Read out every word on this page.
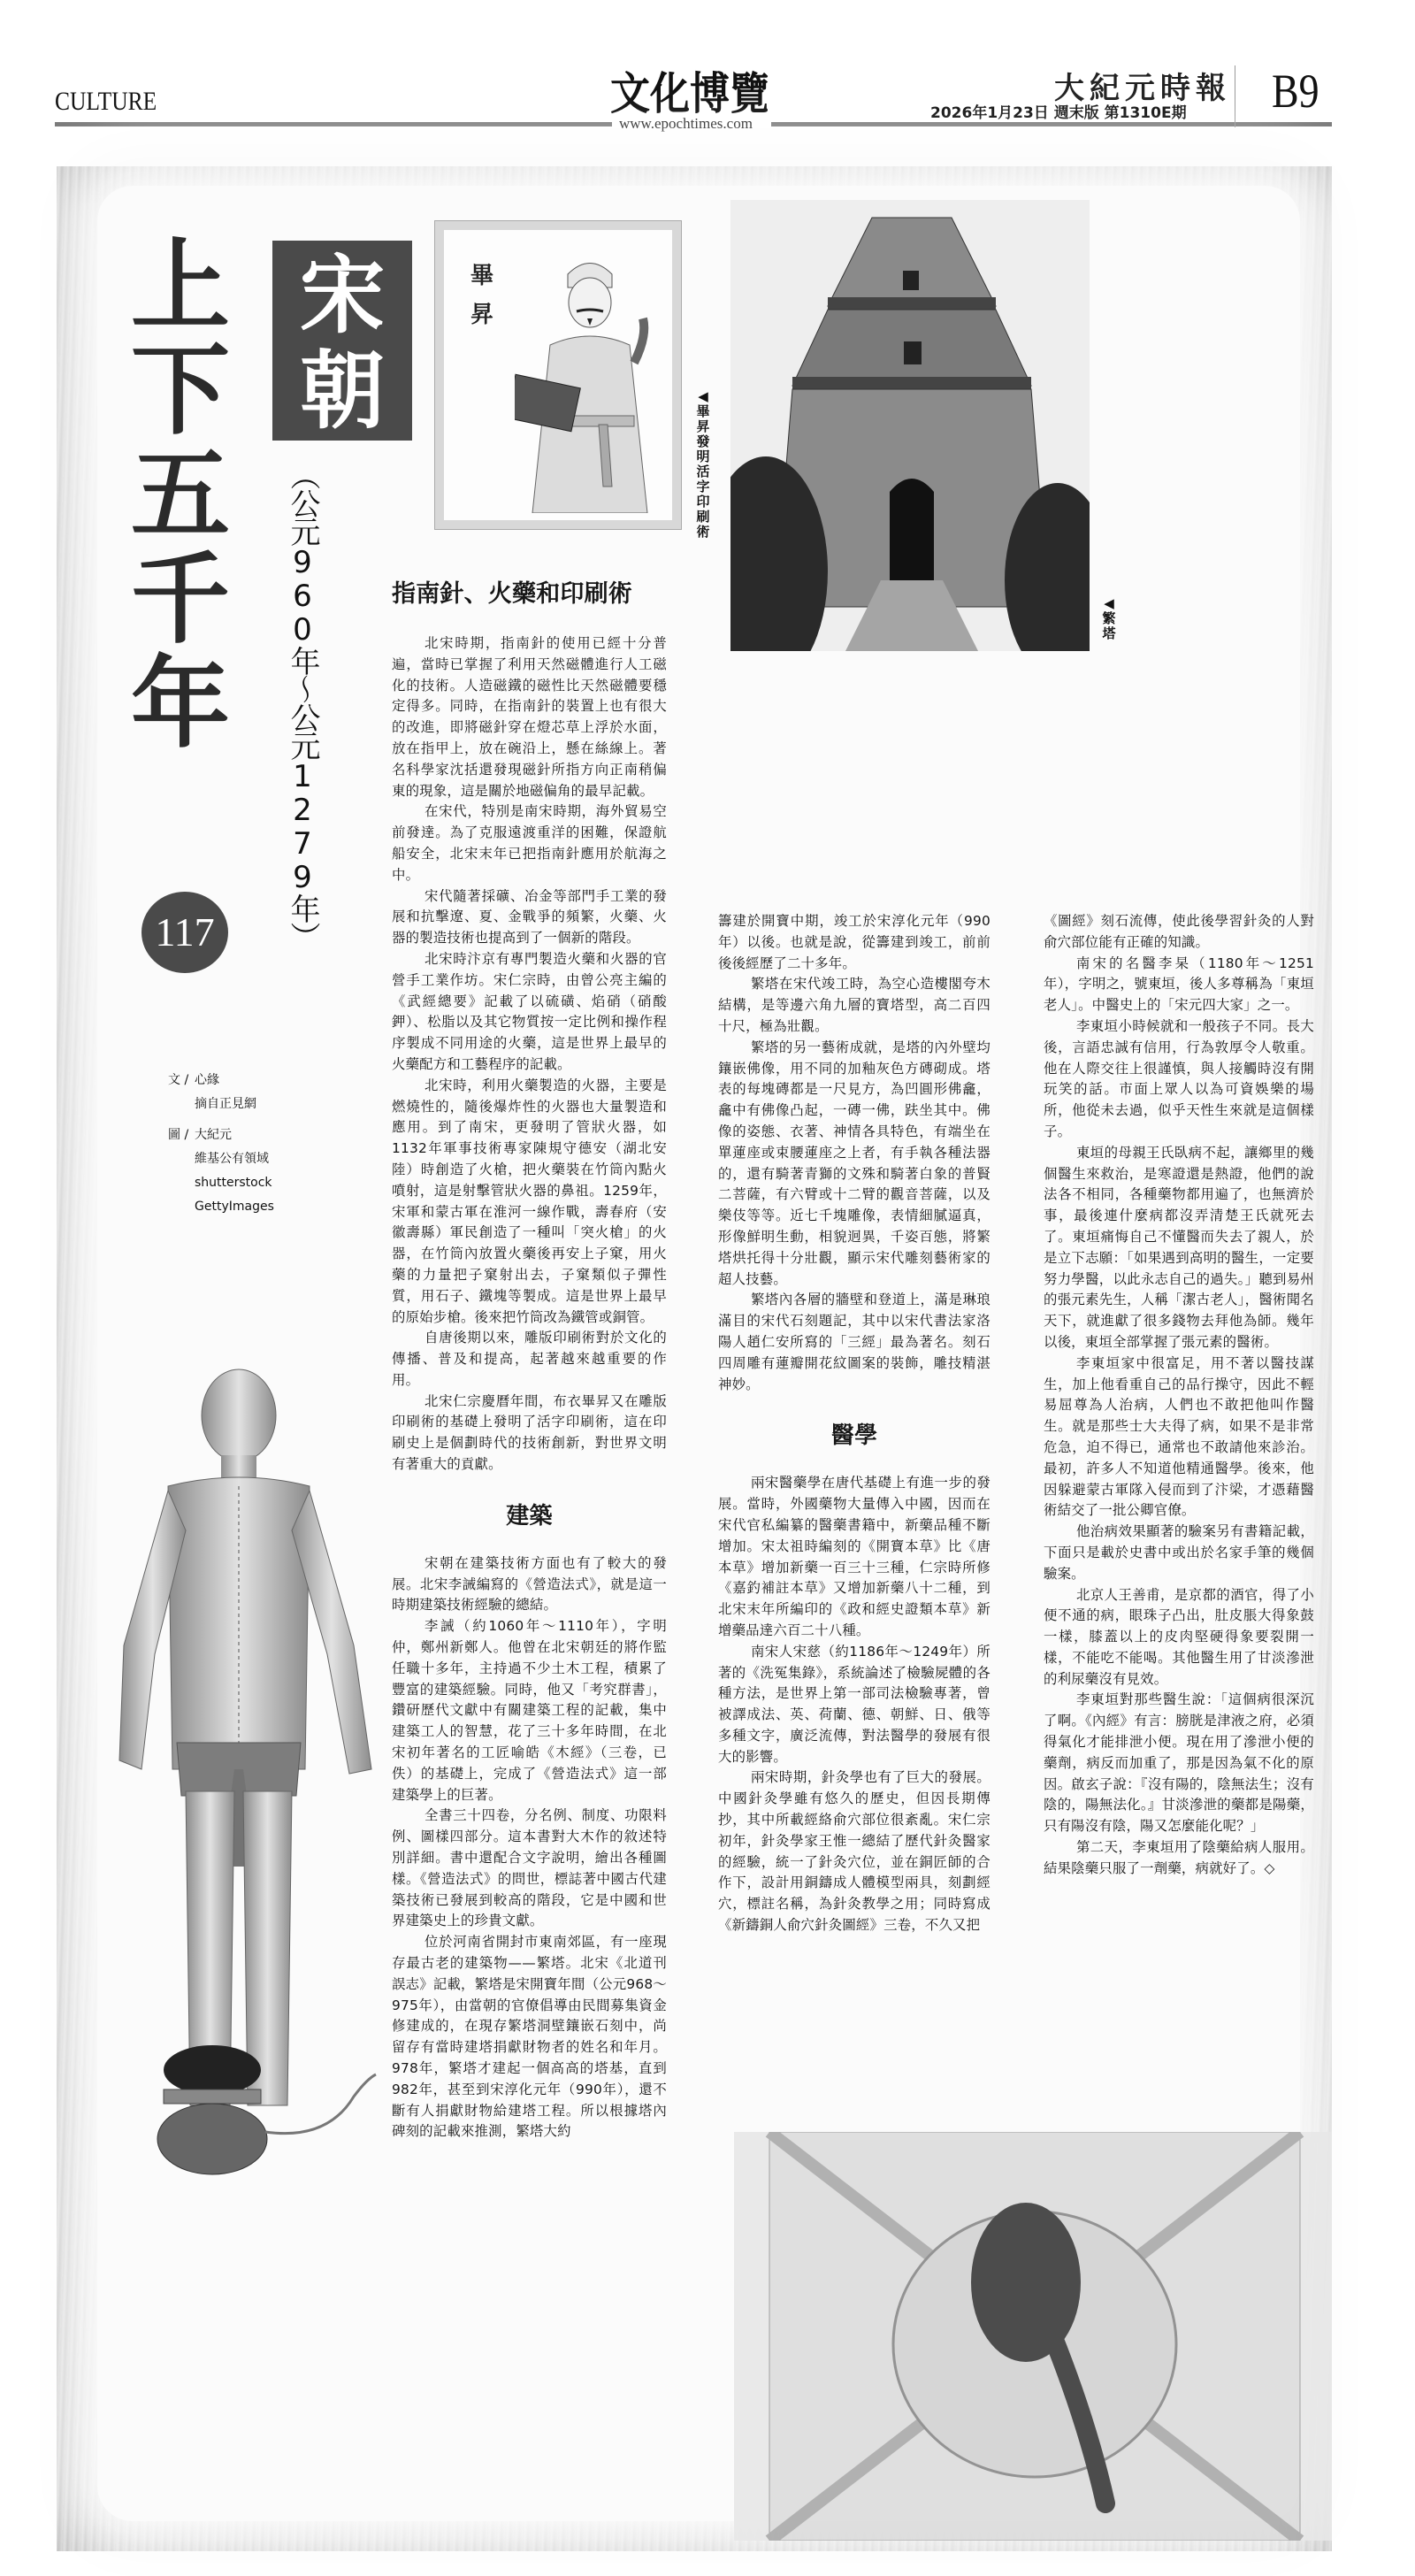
CULTURE	文化博覽
www.epochtimes.com
大紀元時報
2026年1月23日 週末版 第1310E期 B9
上下五千年
宋朝
（公元960年～公元1279年）
117
文 / 心緣
摘自正見網
圖 / 大紀元
維基公有領域
shutterstock
GettyImages
畢昇
◀
畢昇發明活字印刷術
◀
繁塔
指南針、火藥和印刷術

北宋時期，指南針的使用已經十分普遍，當時已掌握了利用天然磁體進行人工磁化的技術。人造磁鐵的磁性比天然磁體要穩定得多。同時，在指南針的裝置上也有很大的改進，即將磁針穿在燈芯草上浮於水面，放在指甲上，放在碗沿上，懸在絲線上。著名科學家沈括還發現磁針所指方向正南稍偏東的現象，這是關於地磁偏角的最早記載。

在宋代，特別是南宋時期，海外貿易空前發達。為了克服遠渡重洋的困難，保證航船安全，北宋末年已把指南針應用於航海之中。

宋代隨著採礦、冶金等部門手工業的發展和抗擊遼、夏、金戰爭的頻繁，火藥、火器的製造技術也提高到了一個新的階段。

北宋時汴京有專門製造火藥和火器的官營手工業作坊。宋仁宗時，由曾公亮主編的《武經總要》記載了以硫磺、焰硝（硝酸鉀）、松脂以及其它物質按一定比例和操作程序製成不同用途的火藥，這是世界上最早的火藥配方和工藝程序的記載。

北宋時，利用火藥製造的火器，主要是燃燒性的，隨後爆炸性的火器也大量製造和應用。到了南宋，更發明了管狀火器，如1132年軍事技術專家陳規守德安（湖北安陸）時創造了火槍，把火藥裝在竹筒內點火噴射，這是射擊管狀火器的鼻祖。1259年，宋軍和蒙古軍在淮河一線作戰，壽春府（安徽壽縣）軍民創造了一種叫「突火槍」的火器，在竹筒內放置火藥後再安上子窠，用火藥的力量把子窠射出去，子窠類似子彈性質，用石子、鐵塊等製成。這是世界上最早的原始步槍。後來把竹筒改為鐵管或銅管。

自唐後期以來，雕版印刷術對於文化的傳播、普及和提高，起著越來越重要的作用。

北宋仁宗慶曆年間，布衣畢昇又在雕版印刷術的基礎上發明了活字印刷術，這在印刷史上是個劃時代的技術創新，對世界文明有著重大的貢獻。

建築

宋朝在建築技術方面也有了較大的發展。北宋李誡編寫的《營造法式》，就是這一時期建築技術經驗的總結。

李誡（約1060年～1110年），字明仲，鄭州新鄭人。他曾在北宋朝廷的將作監任職十多年，主持過不少土木工程，積累了豐富的建築經驗。同時，他又「考究群書」，鑽研歷代文獻中有關建築工程的記載，集中建築工人的智慧，花了三十多年時間，在北宋初年著名的工匠喻皓《木經》（三卷，已佚）的基礎上，完成了《營造法式》這一部建築學上的巨著。

全書三十四卷，分名例、制度、功限料例、圖樣四部分。這本書對大木作的敘述特別詳細。書中還配合文字說明，繪出各種圖樣。《營造法式》的問世，標誌著中國古代建築技術已發展到較高的階段，它是中國和世界建築史上的珍貴文獻。

位於河南省開封市東南郊區，有一座現存最古老的建築物——繁塔。北宋《北道刊誤志》記載，繁塔是宋開寶年間（公元968～975年），由當朝的官僚倡導由民間募集資金修建成的，在現存繁塔洞壁鑲嵌石刻中，尚留存有當時建塔捐獻財物者的姓名和年月。978年，繁塔才建起一個高高的塔基，直到982年，甚至到宋淳化元年（990年），還不斷有人捐獻財物給建塔工程。所以根據塔內碑刻的記載來推測，繁塔大約

籌建於開寶中期，竣工於宋淳化元年（990年）以後。也就是說，從籌建到竣工，前前後後經歷了二十多年。

繁塔在宋代竣工時，為空心造樓閣夸木結構，是等邊六角九層的寶塔型，高二百四十尺，極為壯觀。

繁塔的另一藝術成就，是塔的內外壁均鑲嵌佛像，用不同的加釉灰色方磚砌成。塔表的每塊磚都是一尺見方，為凹圓形佛龕，龕中有佛像凸起，一磚一佛，趺坐其中。佛像的姿態、衣著、神情各具特色，有端坐在單蓮座或束腰蓮座之上者，有手執各種法器的，還有騎著青獅的文殊和騎著白象的普賢二菩薩，有六臂或十二臂的觀音菩薩，以及樂伎等等。近七千塊雕像，表情細膩逼真，形像鮮明生動，相貌迥異，千姿百態，將繁塔烘托得十分壯觀，顯示宋代雕刻藝術家的超人技藝。

繁塔內各層的牆壁和登道上，滿是琳琅滿目的宋代石刻題記，其中以宋代書法家洛陽人趙仁安所寫的「三經」最為著名。刻石四周雕有蓮瓣開花紋圖案的裝飾，雕技精湛神妙。

醫學

兩宋醫藥學在唐代基礎上有進一步的發展。當時，外國藥物大量傳入中國，因而在宋代官私編纂的醫藥書籍中，新藥品種不斷增加。宋太祖時編刻的《開寶本草》比《唐本草》增加新藥一百三十三種，仁宗時所修《嘉釣補註本草》又增加新藥八十二種，到北宋末年所編印的《政和經史證類本草》新增藥品達六百二十八種。

南宋人宋慈（約1186年～1249年）所著的《洗冤集錄》，系統論述了檢驗屍體的各種方法，是世界上第一部司法檢驗專著，曾被譯成法、英、荷蘭、德、朝鮮、日、俄等多種文字，廣泛流傳，對法醫學的發展有很大的影響。

兩宋時期，針灸學也有了巨大的發展。中國針灸學雖有悠久的歷史，但因長期傳抄，其中所載經絡俞穴部位很紊亂。宋仁宗初年，針灸學家王惟一總結了歷代針灸醫家的經驗，統一了針灸穴位，並在銅匠師的合作下，設計用銅鑄成人體模型兩具，刻劃經穴，標註名稱，為針灸教學之用；同時寫成《新鑄銅人俞穴針灸圖經》三卷，不久又把

《圖經》刻石流傳，使此後學習針灸的人對俞穴部位能有正確的知識。

南宋的名醫李杲（1180年～1251年），字明之，號東垣，後人多尊稱為「東垣老人」。中醫史上的「宋元四大家」之一。

李東垣小時候就和一般孩子不同。長大後，言語忠誠有信用，行為敦厚令人敬重。他在人際交往上很謹慎，與人接觸時沒有開玩笑的話。市面上眾人以為可資娛樂的場所，他從未去過，似乎天性生來就是這個樣子。

東垣的母親王氏臥病不起，讓鄉里的幾個醫生來救治，是寒證還是熱證，他們的說法各不相同，各種藥物都用遍了，也無濟於事，最後連什麼病都沒弄清楚王氏就死去了。東垣痛悔自己不懂醫而失去了親人，於是立下志願：「如果遇到高明的醫生，一定要努力學醫，以此永志自己的過失。」聽到易州的張元素先生，人稱「潔古老人」，醫術聞名天下，就進獻了很多錢物去拜他為師。幾年以後，東垣全部掌握了張元素的醫術。

李東垣家中很富足，用不著以醫技謀生，加上他看重自己的品行操守，因此不輕易屈尊為人治病，人們也不敢把他叫作醫生。就是那些士大夫得了病，如果不是非常危急，迫不得已，通常也不敢請他來診治。最初，許多人不知道他精通醫學。後來，他因躲避蒙古軍隊入侵而到了汴梁，才憑藉醫術結交了一批公卿官僚。

他治病效果顯著的驗案另有書籍記載，下面只是載於史書中或出於名家手筆的幾個驗案。

北京人王善甫，是京都的酒官，得了小便不通的病，眼珠子凸出，肚皮脹大得象鼓一樣，膝蓋以上的皮肉堅硬得象要裂開一樣，不能吃不能喝。其他醫生用了甘淡滲泄的利尿藥沒有見效。

李東垣對那些醫生說：「這個病很深沉了啊。《內經》有言：膀胱是津液之府，必須得氣化才能排泄小便。現在用了滲泄小便的藥劑，病反而加重了，那是因為氣不化的原因。啟玄子說：『沒有陽的，陰無法生；沒有陰的，陽無法化。』甘淡滲泄的藥都是陽藥，只有陽沒有陰，陽又怎麼能化呢？」

第二天，李東垣用了陰藥給病人服用。結果陰藥只服了一劑藥，病就好了。◇
